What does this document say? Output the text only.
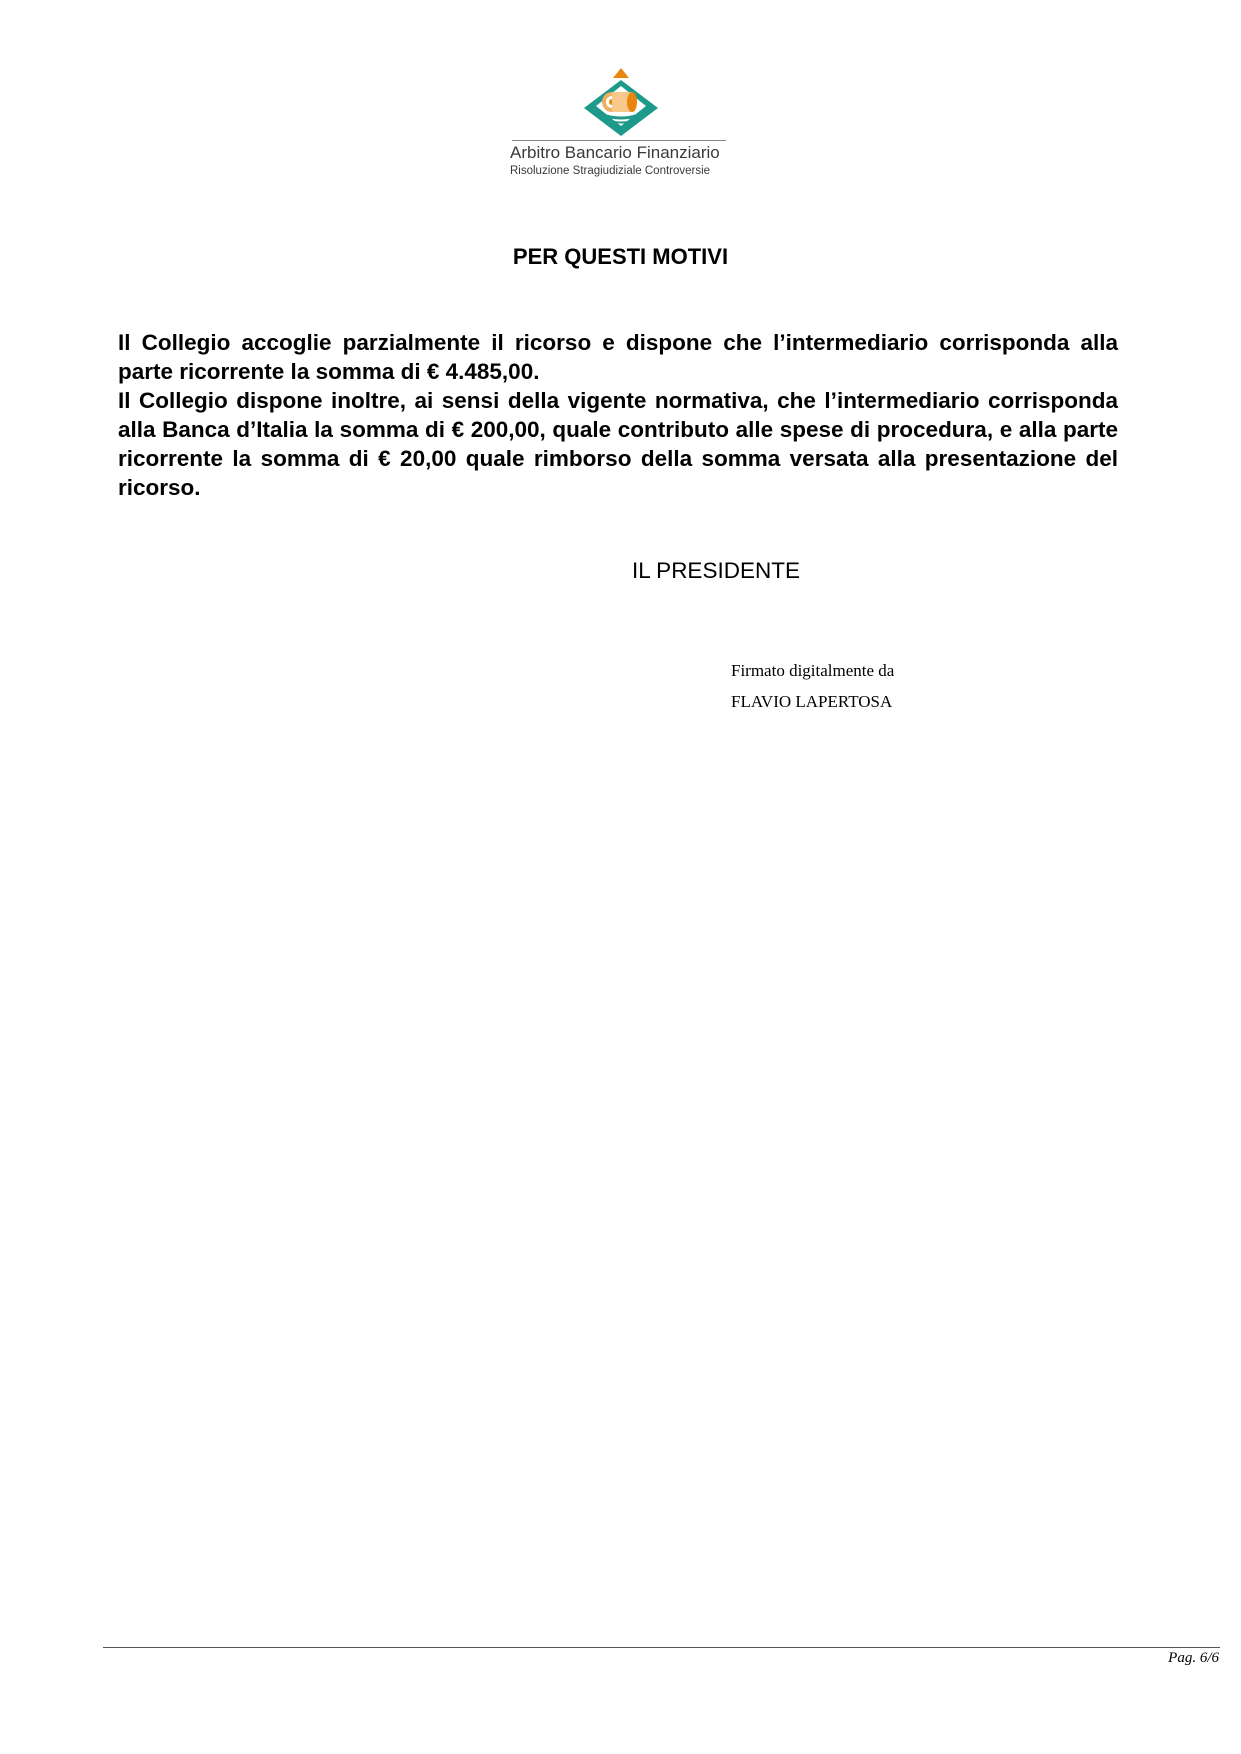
Arbitro Bancario Finanziario
Risoluzione Stragiudiziale Controversie
PER QUESTI MOTIVI

Il Collegio accoglie parzialmente il ricorso e dispone che l’intermediario corrisponda alla parte ricorrente la somma di € 4.485,00.

Il Collegio dispone inoltre, ai sensi della vigente normativa, che l’intermediario corrisponda alla Banca d’Italia la somma di € 200,00, quale contributo alle spese di procedura, e alla parte ricorrente la somma di € 20,00 quale rimborso della somma versata alla presentazione del ricorso.

IL PRESIDENTE
Firmato digitalmente da
FLAVIO LAPERTOSA
Pag. 6/6
